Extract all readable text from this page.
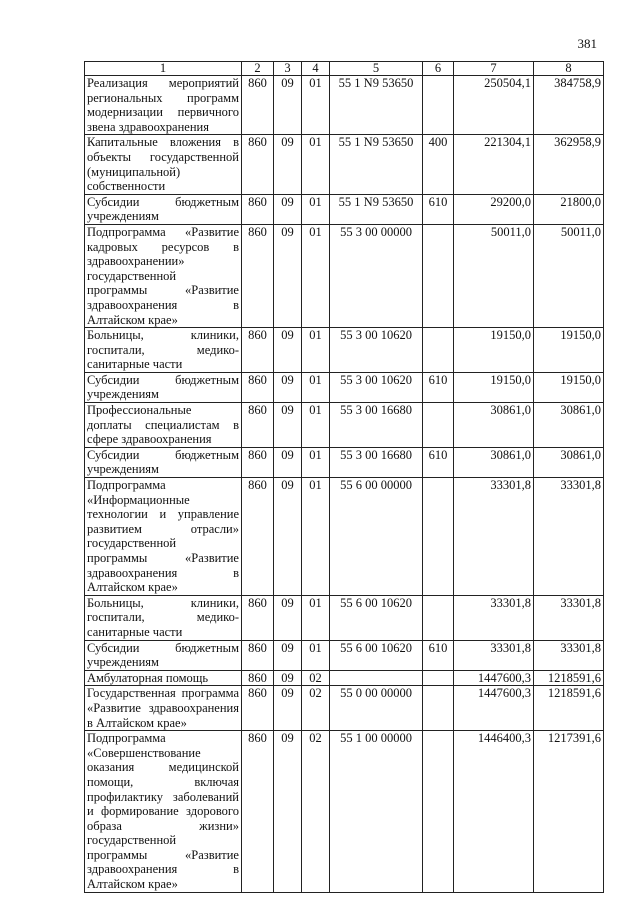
381
1	2	3	4	5	6	7	8
Реализация мероприятий региональных программ модернизации первичного звена здравоохранения	860	09	01	55 1 N9 53650		250504,1	384758,9
Капитальные вложения в объекты государственной (муниципальной) собственности	860	09	01	55 1 N9 53650	400	221304,1	362958,9
Субсидии бюджетным учреждениям	860	09	01	55 1 N9 53650	610	29200,0	21800,0
Подпрограмма «Развитие кадровых ресурсов в здравоохранении» государственной программы «Развитие здравоохранения в Алтайском крае»	860	09	01	55 3 00 00000		50011,0	50011,0
Больницы, клиники, госпитали, медико-санитарные части	860	09	01	55 3 00 10620		19150,0	19150,0
Субсидии бюджетным учреждениям	860	09	01	55 3 00 10620	610	19150,0	19150,0
Профессиональные доплаты специалистам в сфере здравоохранения	860	09	01	55 3 00 16680		30861,0	30861,0
Субсидии бюджетным учреждениям	860	09	01	55 3 00 16680	610	30861,0	30861,0
Подпрограмма «Информационные технологии и управление развитием отрасли» государственной программы «Развитие здравоохранения в Алтайском крае»	860	09	01	55 6 00 00000		33301,8	33301,8
Больницы, клиники, госпитали, медико-санитарные части	860	09	01	55 6 00 10620		33301,8	33301,8
Субсидии бюджетным учреждениям	860	09	01	55 6 00 10620	610	33301,8	33301,8
Амбулаторная помощь	860	09	02			1447600,3	1218591,6
Государственная программа «Развитие здравоохранения в Алтайском крае»	860	09	02	55 0 00 00000		1447600,3	1218591,6
Подпрограмма «Совершенствование оказания медицинской помощи, включая профилактику заболеваний и формирование здорового образа жизни» государственной программы «Развитие здравоохранения в Алтайском крае»	860	09	02	55 1 00 00000		1446400,3	1217391,6
